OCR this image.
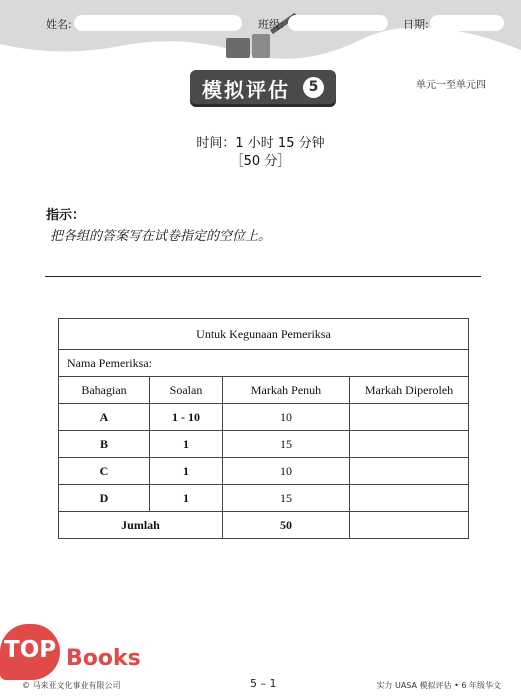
姓名:	班级:	日期:
模拟评估	5	单元一至单元四
时间：1 小时 15 分钟
［50 分］
指示：
把各组的答案写在试卷指定的空位上。
Untuk Kegunaan Pemeriksa			
Nama Pemeriksa:			
Bahagian	Soalan	Markah Penuh	Markah Diperoleh
A	1 - 10	10	
B	1	15	
C	1	10	
D	1	15	
Jumlah		50	
TOP Books
© 马来亚文化事业有限公司	5 – 1	实力 UASA 模拟评估 • 6 年级华文
